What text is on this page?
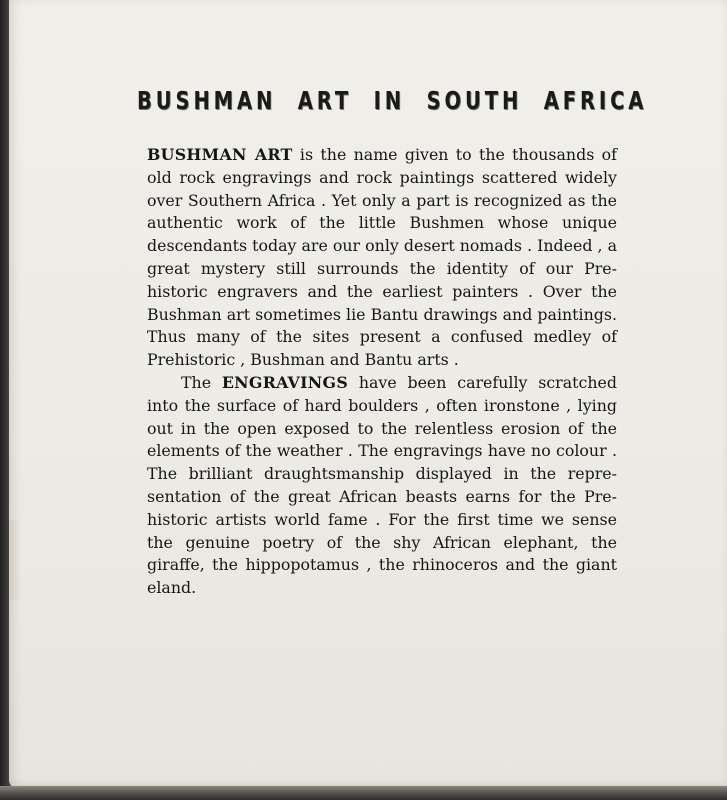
BUSHMAN ART IN SOUTH AFRICA

BUSHMAN ART is the name given to the thousands of old rock engravings and rock paintings scattered widely over Southern Africa . Yet only a part is recognized as the authentic work of the little Bushmen whose unique descendants today are our only desert nomads . Indeed , a great mystery still surrounds the identity of our Pre-historic engravers and the earliest painters . Over the Bushman art sometimes lie Bantu drawings and paintings. Thus many of the sites present a confused medley of Prehistoric , Bushman and Bantu arts .

The ENGRAVINGS have been carefully scratched into the surface of hard boulders , often ironstone , lying out in the open exposed to the relentless erosion of the elements of the weather . The engravings have no colour . The brilliant draughtsmanship displayed in the repre-sentation of the great African beasts earns for the Pre-historic artists world fame . For the first time we sense the genuine poetry of the shy African elephant, the giraffe, the hippopotamus , the rhinoceros and the giant eland.
